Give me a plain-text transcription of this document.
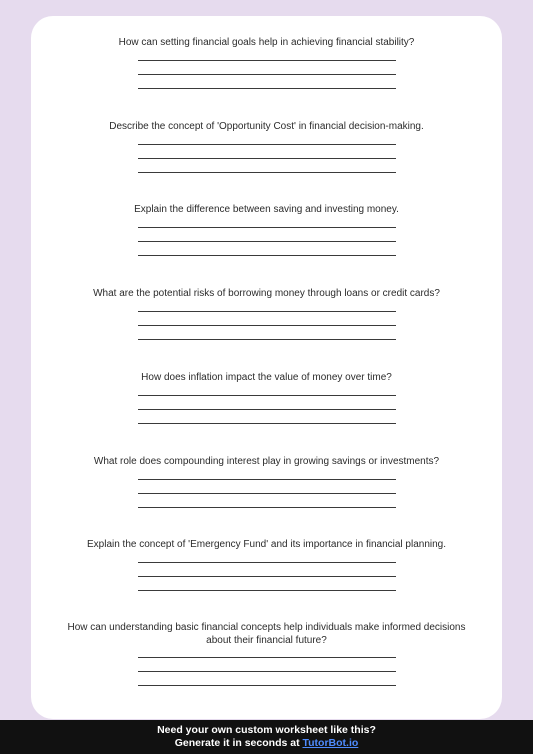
How can setting financial goals help in achieving financial stability?
Describe the concept of 'Opportunity Cost' in financial decision-making.
Explain the difference between saving and investing money.
What are the potential risks of borrowing money through loans or credit cards?
How does inflation impact the value of money over time?
What role does compounding interest play in growing savings or investments?
Explain the concept of 'Emergency Fund' and its importance in financial planning.
How can understanding basic financial concepts help individuals make informed decisions about their financial future?
Need your own custom worksheet like this?
Generate it in seconds at TutorBot.io
